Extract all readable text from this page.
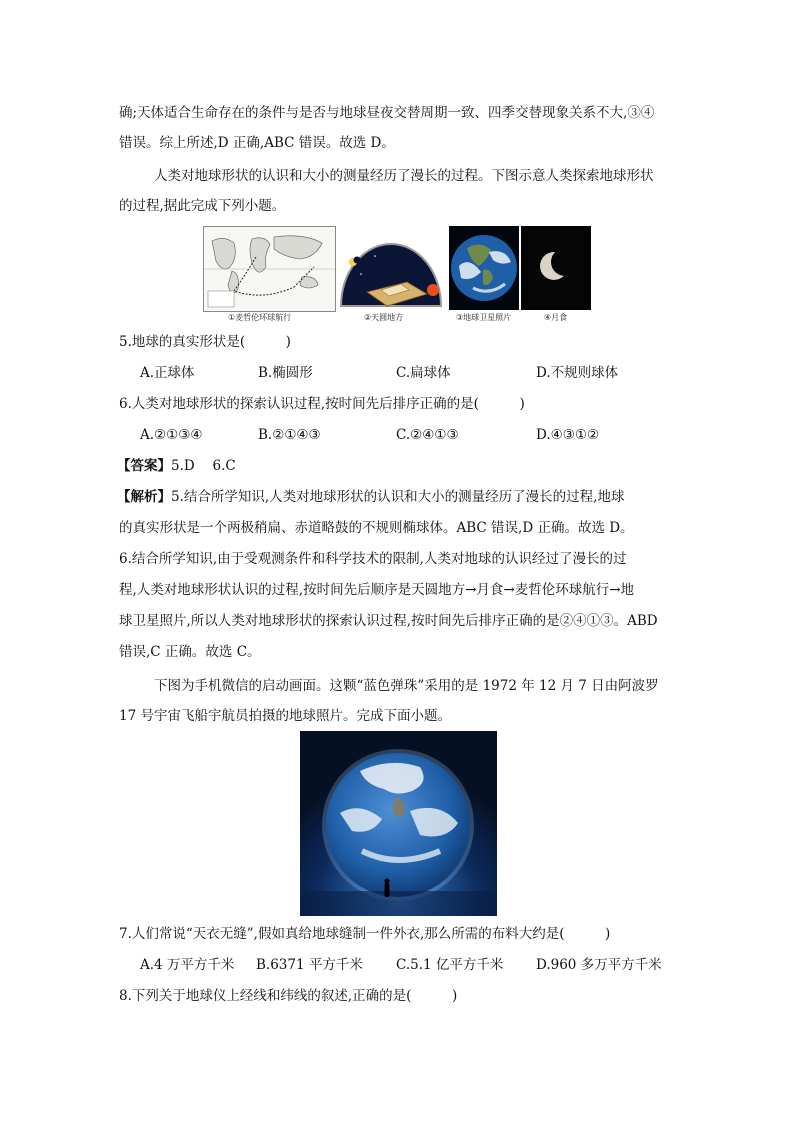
确;天体适合生命存在的条件与是否与地球昼夜交替周期一致、四季交替现象关系不大,③④
错误。综上所述,D 正确,ABC 错误。故选 D。
人类对地球形状的认识和大小的测量经历了漫长的过程。下图示意人类探索地球形状
的过程,据此完成下列小题。
①麦哲伦环球航行	②天圆地方	③地球卫星照片	④月食
5.地球的真实形状是(　　　)
A.正球体	B.椭圆形	C.扁球体	D.不规则球体
6.人类对地球形状的探索认识过程,按时间先后排序正确的是(　　　)
A.②①③④	B.②①④③	C.②④①③	D.④③①②
【答案】5.D　 6.C
【解析】5.结合所学知识,人类对地球形状的认识和大小的测量经历了漫长的过程,地球
的真实形状是一个两极稍扁、赤道略鼓的不规则椭球体。ABC 错误,D 正确。故选 D。
6.结合所学知识,由于受观测条件和科学技术的限制,人类对地球的认识经过了漫长的过
程,人类对地球形状认识的过程,按时间先后顺序是天圆地方→月食→麦哲伦环球航行→地
球卫星照片,所以人类对地球形状的探索认识过程,按时间先后排序正确的是②④①③。ABD
错误,C 正确。故选 C。
下图为手机微信的启动画面。这颗“蓝色弹珠”采用的是 1972 年 12 月 7 日由阿波罗
17 号宇宙飞船宇航员拍摄的地球照片。完成下面小题。
7.人们常说“天衣无缝”,假如真给地球缝制一件外衣,那么所需的布料大约是(　　　)
A.4 万平方千米 B.6371 平方千米 C.5.1 亿平方千米 D.960 多万平方千米
8.下列关于地球仪上经线和纬线的叙述,正确的是(　　　)
